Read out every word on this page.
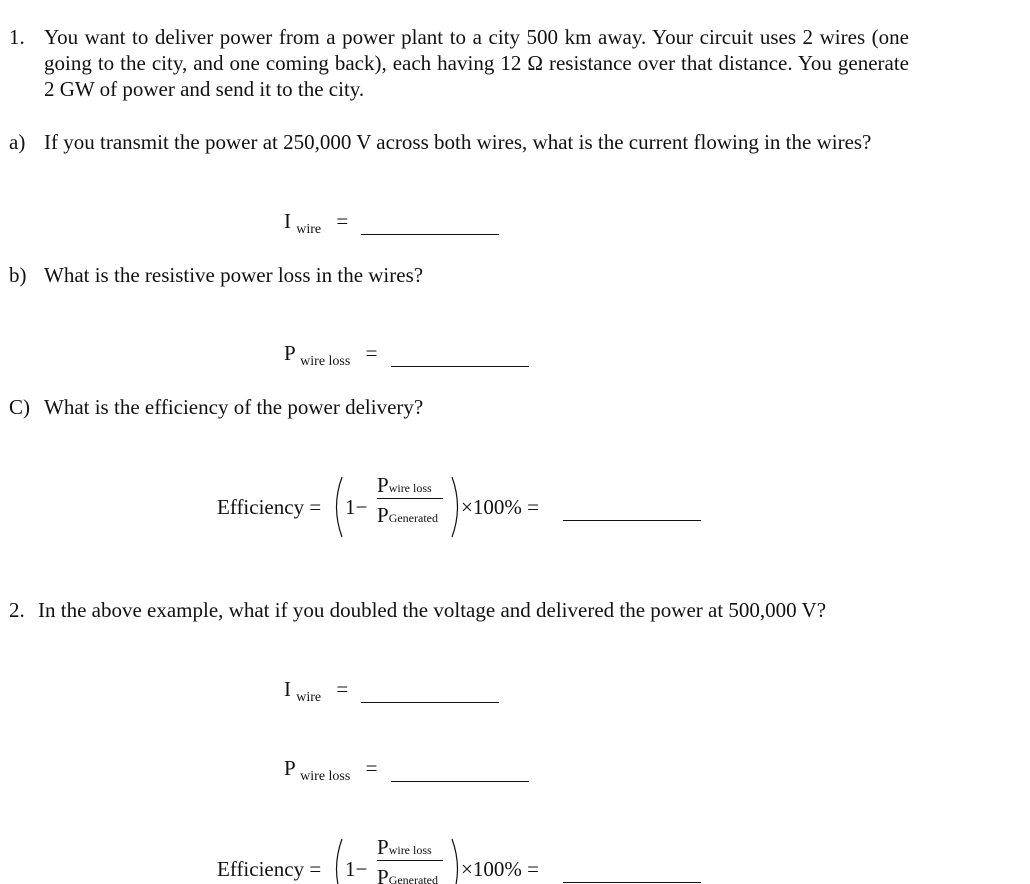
1. You want to deliver power from a power plant to a city 500 km away. Your circuit uses 2 wires (one going to the city, and one coming back), each having 12 Ω resistance over that distance. You generate 2 GW of power and send it to the city.
a) If you transmit the power at 250,000 V across both wires, what is the current flowing in the wires?
I $_{wire}$ =
b) What is the resistive power loss in the wires?
P $_{wire loss}$ =
C) What is the efficiency of the power delivery?
Efficiency = 1−
Pwire loss
PGenerated ×100% =
2. In the above example, what if you doubled the voltage and delivered the power at 500,000 V?
I $_{wire}$ =
P $_{wire loss}$ =
Efficiency = 1−
Pwire loss
PGenerated ×100% =
